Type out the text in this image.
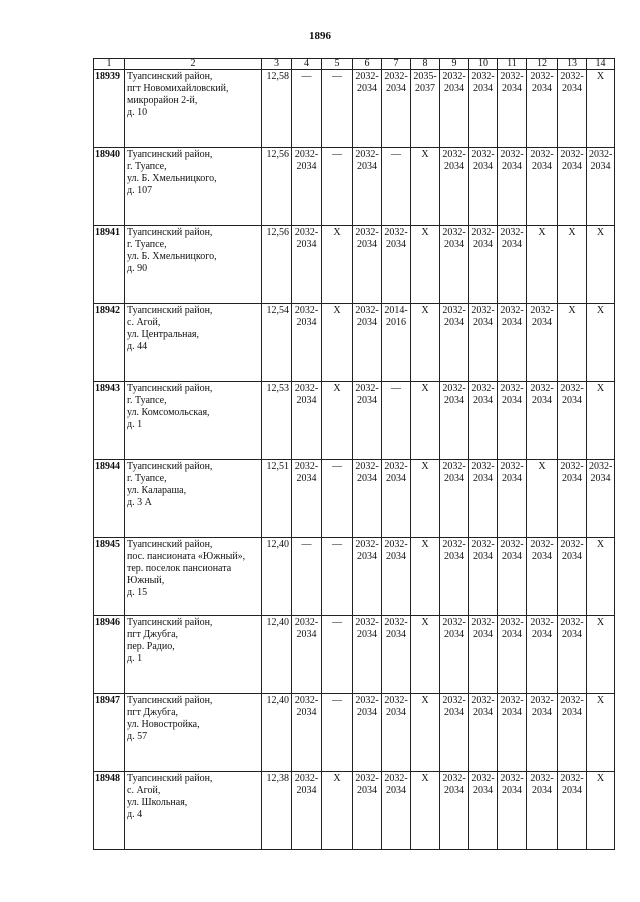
1896
1	2	3	4	5	6	7	8	9	10	11	12	13	14
18939	Туапсинский район,
пгт Новомихайловский,
микрорайон 2-й,
д. 10	12,58	—	—	2032-
2034	2032-
2034	2035-
2037	2032-
2034	2032-
2034	2032-
2034	2032-
2034	2032-
2034	X
18940	Туапсинский район,
г. Туапсе,
ул. Б. Хмельницкого,
д. 107	12,56	2032-
2034	—	2032-
2034	—	X	2032-
2034	2032-
2034	2032-
2034	2032-
2034	2032-
2034	2032-
2034
18941	Туапсинский район,
г. Туапсе,
ул. Б. Хмельницкого,
д. 90	12,56	2032-
2034	X	2032-
2034	2032-
2034	X	2032-
2034	2032-
2034	2032-
2034	X	X	X
18942	Туапсинский район,
с. Агой,
ул. Центральная,
д. 44	12,54	2032-
2034	X	2032-
2034	2014-
2016	X	2032-
2034	2032-
2034	2032-
2034	2032-
2034	X	X
18943	Туапсинский район,
г. Туапсе,
ул. Комсомольская,
д. 1	12,53	2032-
2034	X	2032-
2034	—	X	2032-
2034	2032-
2034	2032-
2034	2032-
2034	2032-
2034	X
18944	Туапсинский район,
г. Туапсе,
ул. Калараша,
д. 3 А	12,51	2032-
2034	—	2032-
2034	2032-
2034	X	2032-
2034	2032-
2034	2032-
2034	X	2032-
2034	2032-
2034
18945	Туапсинский район,
пос. пансионата «Южный»,
тер. поселок пансионата
Южный,
д. 15	12,40	—	—	2032-
2034	2032-
2034	X	2032-
2034	2032-
2034	2032-
2034	2032-
2034	2032-
2034	X
18946	Туапсинский район,
пгт Джубга,
пер. Радио,
д. 1	12,40	2032-
2034	—	2032-
2034	2032-
2034	X	2032-
2034	2032-
2034	2032-
2034	2032-
2034	2032-
2034	X
18947	Туапсинский район,
пгт Джубга,
ул. Новостройка,
д. 57	12,40	2032-
2034	—	2032-
2034	2032-
2034	X	2032-
2034	2032-
2034	2032-
2034	2032-
2034	2032-
2034	X
18948	Туапсинский район,
с. Агой,
ул. Школьная,
д. 4	12,38	2032-
2034	X	2032-
2034	2032-
2034	X	2032-
2034	2032-
2034	2032-
2034	2032-
2034	2032-
2034	X
